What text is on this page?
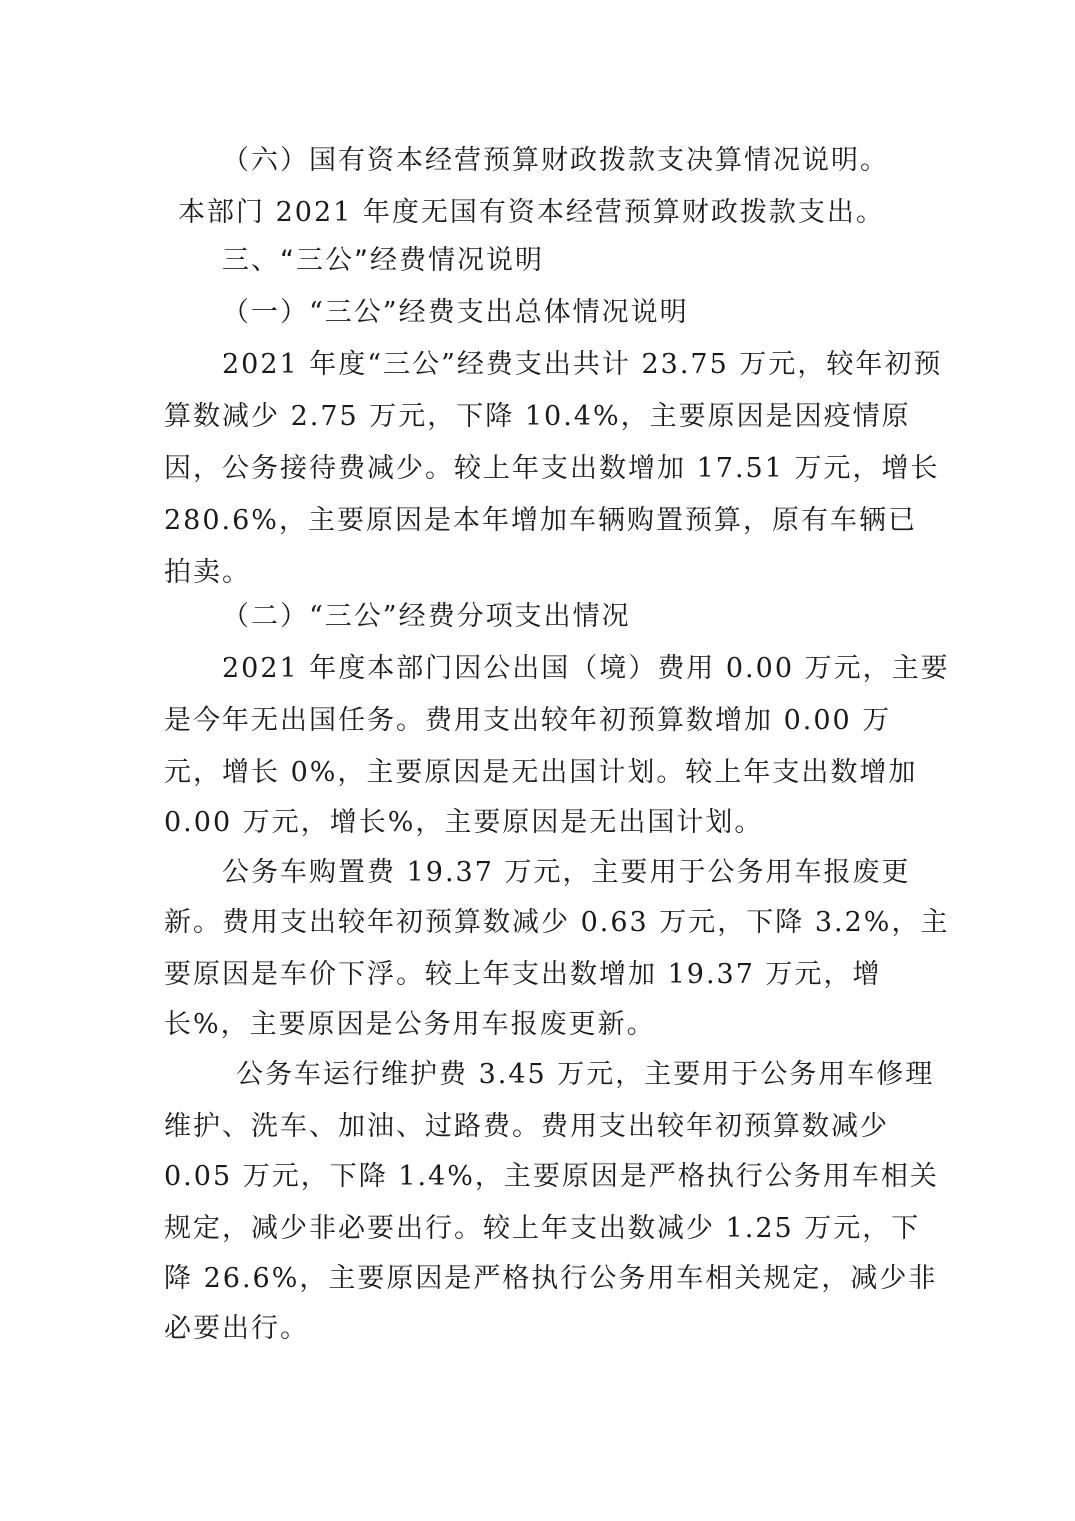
（六）国有资本经营预算财政拨款支决算情况说明。
本部门 2021 年度无国有资本经营预算财政拨款支出。
三、“三公”经费情况说明
（一）“三公”经费支出总体情况说明
2021 年度“三公”经费支出共计 23.75 万元，较年初预
算数减少 2.75 万元，下降 10.4%，主要原因是因疫情原
因，公务接待费减少。较上年支出数增加 17.51 万元，增长
280.6%，主要原因是本年增加车辆购置预算，原有车辆已
拍卖。
（二）“三公”经费分项支出情况
2021 年度本部门因公出国（境）费用 0.00 万元，主要
是今年无出国任务。费用支出较年初预算数增加 0.00 万
元，增长 0%，主要原因是无出国计划。较上年支出数增加
0.00 万元，增长%，主要原因是无出国计划。
公务车购置费 19.37 万元，主要用于公务用车报废更
新。费用支出较年初预算数减少 0.63 万元，下降 3.2%，主
要原因是车价下浮。较上年支出数增加 19.37 万元，增
长%，主要原因是公务用车报废更新。
公务车运行维护费 3.45 万元，主要用于公务用车修理
维护、洗车、加油、过路费。费用支出较年初预算数减少
0.05 万元，下降 1.4%，主要原因是严格执行公务用车相关
规定，减少非必要出行。较上年支出数减少 1.25 万元，下
降 26.6%，主要原因是严格执行公务用车相关规定，减少非
必要出行。
